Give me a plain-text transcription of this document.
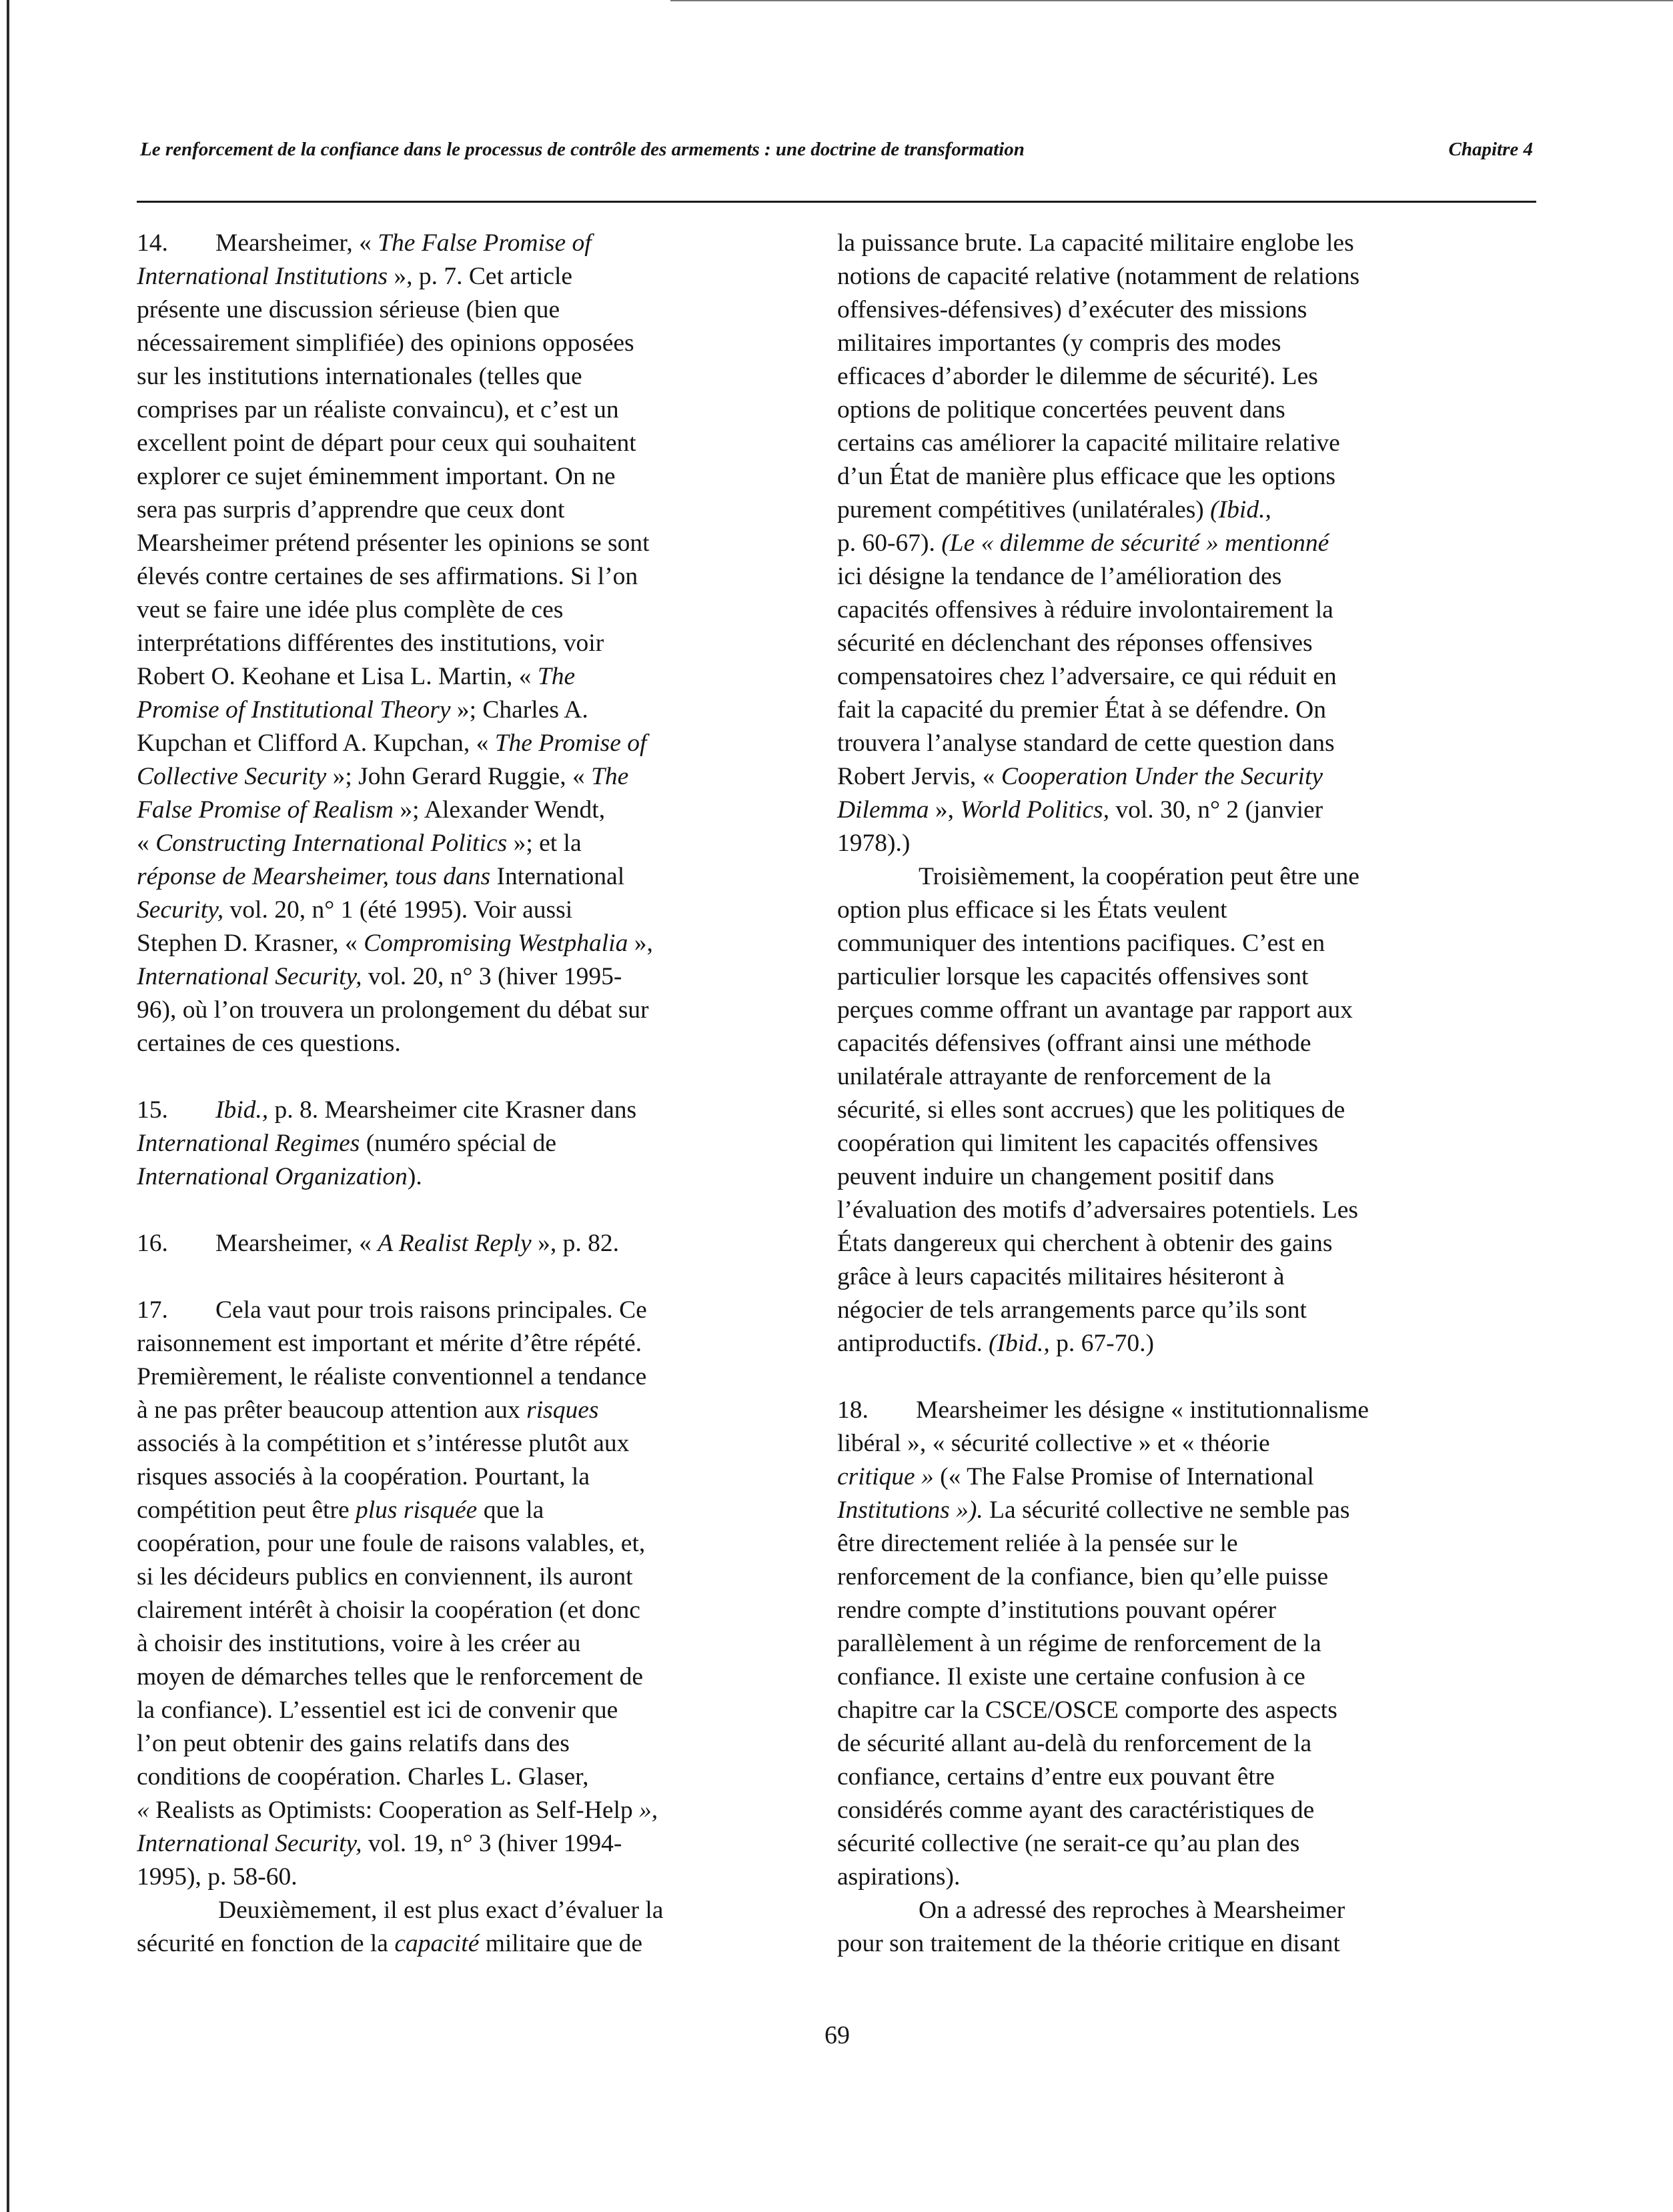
Le renforcement de la confiance dans le processus de contrôle des armements : une doctrine de transformation	Chapitre 4
14. Mearsheimer, « The False Promise of
International Institutions », p. 7. Cet article
présente une discussion sérieuse (bien que
nécessairement simplifiée) des opinions opposées
sur les institutions internationales (telles que
comprises par un réaliste convaincu), et c’est un
excellent point de départ pour ceux qui souhaitent
explorer ce sujet éminemment important. On ne
sera pas surpris d’apprendre que ceux dont
Mearsheimer prétend présenter les opinions se sont
élevés contre certaines de ses affirmations. Si l’on
veut se faire une idée plus complète de ces
interprétations différentes des institutions, voir
Robert O. Keohane et Lisa L. Martin, « The
Promise of Institutional Theory »; Charles A.
Kupchan et Clifford A. Kupchan, « The Promise of
Collective Security »; John Gerard Ruggie, « The
False Promise of Realism »; Alexander Wendt,
« Constructing International Politics »; et la
réponse de Mearsheimer, tous dans International
Security, vol. 20, n° 1 (été 1995). Voir aussi
Stephen D. Krasner, « Compromising Westphalia »,
International Security, vol. 20, n° 3 (hiver 1995-
96), où l’on trouvera un prolongement du débat sur
certaines de ces questions.
15. Ibid., p. 8. Mearsheimer cite Krasner dans
International Regimes (numéro spécial de
International Organization).
16. Mearsheimer, « A Realist Reply », p. 82.
17. Cela vaut pour trois raisons principales. Ce
raisonnement est important et mérite d’être répété.
Premièrement, le réaliste conventionnel a tendance
à ne pas prêter beaucoup attention aux risques
associés à la compétition et s’intéresse plutôt aux
risques associés à la coopération. Pourtant, la
compétition peut être plus risquée que la
coopération, pour une foule de raisons valables, et,
si les décideurs publics en conviennent, ils auront
clairement intérêt à choisir la coopération (et donc
à choisir des institutions, voire à les créer au
moyen de démarches telles que le renforcement de
la confiance). L’essentiel est ici de convenir que
l’on peut obtenir des gains relatifs dans des
conditions de coopération. Charles L. Glaser,
« Realists as Optimists: Cooperation as Self-Help »,
International Security, vol. 19, n° 3 (hiver 1994-
1995), p. 58-60.
Deuxièmement, il est plus exact d’évaluer la
sécurité en fonction de la capacité militaire que de
la puissance brute. La capacité militaire englobe les
notions de capacité relative (notamment de relations
offensives-défensives) d’exécuter des missions
militaires importantes (y compris des modes
efficaces d’aborder le dilemme de sécurité). Les
options de politique concertées peuvent dans
certains cas améliorer la capacité militaire relative
d’un État de manière plus efficace que les options
purement compétitives (unilatérales) (Ibid.,
p. 60-67). (Le « dilemme de sécurité » mentionné
ici désigne la tendance de l’amélioration des
capacités offensives à réduire involontairement la
sécurité en déclenchant des réponses offensives
compensatoires chez l’adversaire, ce qui réduit en
fait la capacité du premier État à se défendre. On
trouvera l’analyse standard de cette question dans
Robert Jervis, « Cooperation Under the Security
Dilemma », World Politics, vol. 30, n° 2 (janvier
1978).)
Troisièmement, la coopération peut être une
option plus efficace si les États veulent
communiquer des intentions pacifiques. C’est en
particulier lorsque les capacités offensives sont
perçues comme offrant un avantage par rapport aux
capacités défensives (offrant ainsi une méthode
unilatérale attrayante de renforcement de la
sécurité, si elles sont accrues) que les politiques de
coopération qui limitent les capacités offensives
peuvent induire un changement positif dans
l’évaluation des motifs d’adversaires potentiels. Les
États dangereux qui cherchent à obtenir des gains
grâce à leurs capacités militaires hésiteront à
négocier de tels arrangements parce qu’ils sont
antiproductifs. (Ibid., p. 67-70.)
18. Mearsheimer les désigne « institutionnalisme
libéral », « sécurité collective » et « théorie
critique » (« The False Promise of International
Institutions »). La sécurité collective ne semble pas
être directement reliée à la pensée sur le
renforcement de la confiance, bien qu’elle puisse
rendre compte d’institutions pouvant opérer
parallèlement à un régime de renforcement de la
confiance. Il existe une certaine confusion à ce
chapitre car la CSCE/OSCE comporte des aspects
de sécurité allant au-delà du renforcement de la
confiance, certains d’entre eux pouvant être
considérés comme ayant des caractéristiques de
sécurité collective (ne serait-ce qu’au plan des
aspirations).
On a adressé des reproches à Mearsheimer
pour son traitement de la théorie critique en disant
69
